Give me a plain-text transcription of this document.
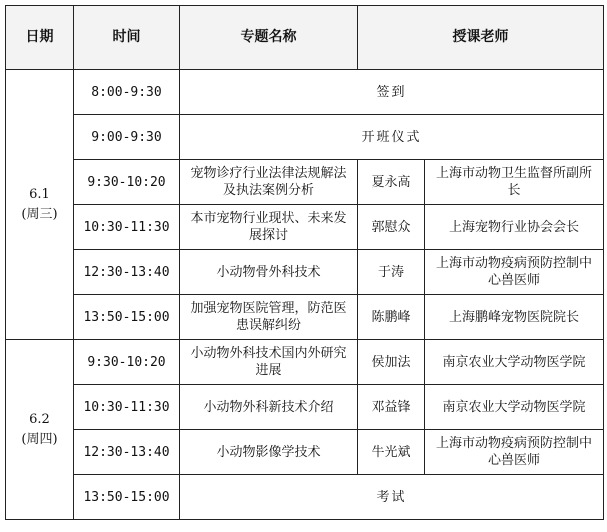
日期	时间	专题名称	授课老师	

6.1
(周三)	8:00-9:30	签到		
	9:00-9:30	开班仪式		
	9:30-10:20	宠物诊疗行业法律法规解法及执法案例分析	夏永高	上海市动物卫生监督所副所长
	10:30-11:30	本市宠物行业现状、未来发展探讨	郭慰众	上海宠物行业协会会长
	12:30-13:40	小动物骨外科技术	于涛	上海市动物疫病预防控制中心兽医师
	13:50-15:00	加强宠物医院管理，防范医患误解纠纷	陈鹏峰	上海鹏峰宠物医院院长

6.2
(周四)	9:30-10:20	小动物外科技术国内外研究进展	侯加法	南京农业大学动物医学院
	10:30-11:30	小动物外科新技术介绍	邓益锋	南京农业大学动物医学院
	12:30-13:40	小动物影像学技术	牛光斌	上海市动物疫病预防控制中心兽医师
	13:50-15:00	考试		
